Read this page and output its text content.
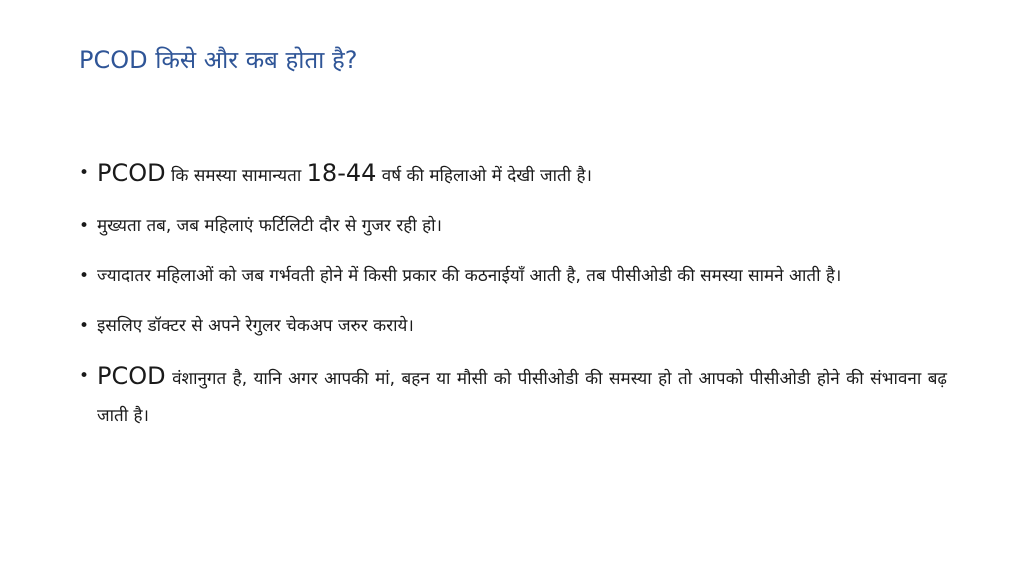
PCOD किसे और कब होता है?
• PCOD कि समस्या सामान्यता 18-44 वर्ष की महिलाओ में देखी जाती है।
• मुख्यता तब, जब महिलाएं फर्टिलिटी दौर से गुजर रही हो।
• ज्यादातर महिलाओं को जब गर्भवती होने में किसी प्रकार की कठनाईयाँ आती है, तब पीसीओडी की समस्या सामने आती है।
• इसलिए डॉक्टर से अपने रेगुलर चेकअप जरुर कराये।
• PCOD वंशानुगत है, यानि अगर आपकी मां, बहन या मौसी को पीसीओडी की समस्या हो तो आपको पीसीओडी होने की संभावना बढ़ जाती है।
